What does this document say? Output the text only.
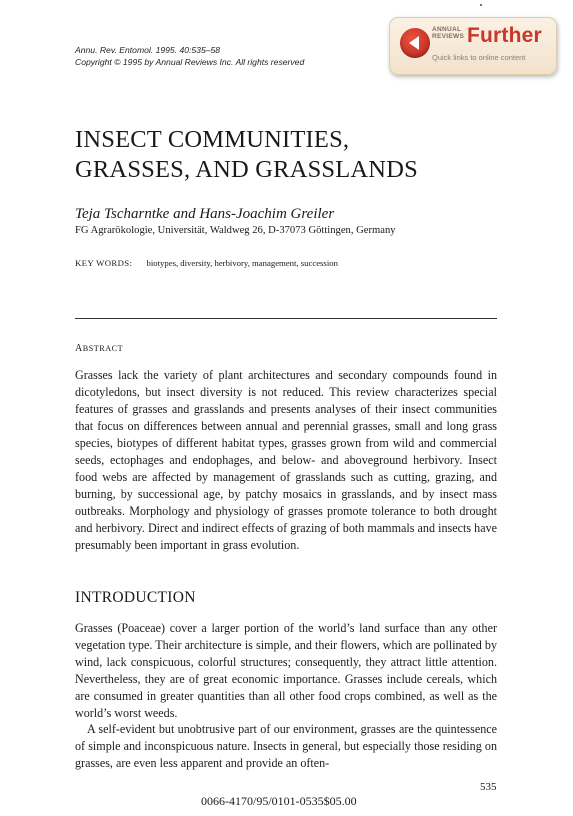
Annu. Rev. Entomol. 1995. 40:535–58
Copyright © 1995 by Annual Reviews Inc. All rights reserved
ANNUAL
REVIEWS Further
Quick links to online content
INSECT COMMUNITIES,
GRASSES, AND GRASSLANDS
Teja Tscharntke and Hans-Joachim Greiler
FG Agrarökologie, Universität, Waldweg 26, D-37073 Göttingen, Germany
KEY WORDS: biotypes, diversity, herbivory, management, succession
ABSTRACT
Grasses lack the variety of plant architectures and secondary compounds found in dicotyledons, but insect diversity is not reduced. This review characterizes special features of grasses and grasslands and presents analyses of their insect communities that focus on differences between annual and perennial grasses, small and long grass species, biotypes of different habitat types, grasses grown from wild and commercial seeds, ectophages and endophages, and below- and aboveground herbivory. Insect food webs are affected by management of grasslands such as cutting, grazing, and burning, by successional age, by patchy mosaics in grasslands, and by insect mass outbreaks. Morphology and physiology of grasses promote tolerance to both drought and herbivory. Direct and indirect effects of grazing of both mammals and insects have presumably been important in grass evolution.
INTRODUCTION
Grasses (Poaceae) cover a larger portion of the world’s land surface than any other vegetation type. Their architecture is simple, and their flowers, which are pollinated by wind, lack conspicuous, colorful structures; consequently, they attract little attention. Nevertheless, they are of great economic importance. Grasses include cereals, which are consumed in greater quantities than all other food crops combined, as well as the world’s worst weeds.
A self-evident but unobtrusive part of our environment, grasses are the quintessence of simple and inconspicuous nature. Insects in general, but especially those residing on grasses, are even less apparent and provide an often-
535
0066-4170/95/0101-0535$05.00
